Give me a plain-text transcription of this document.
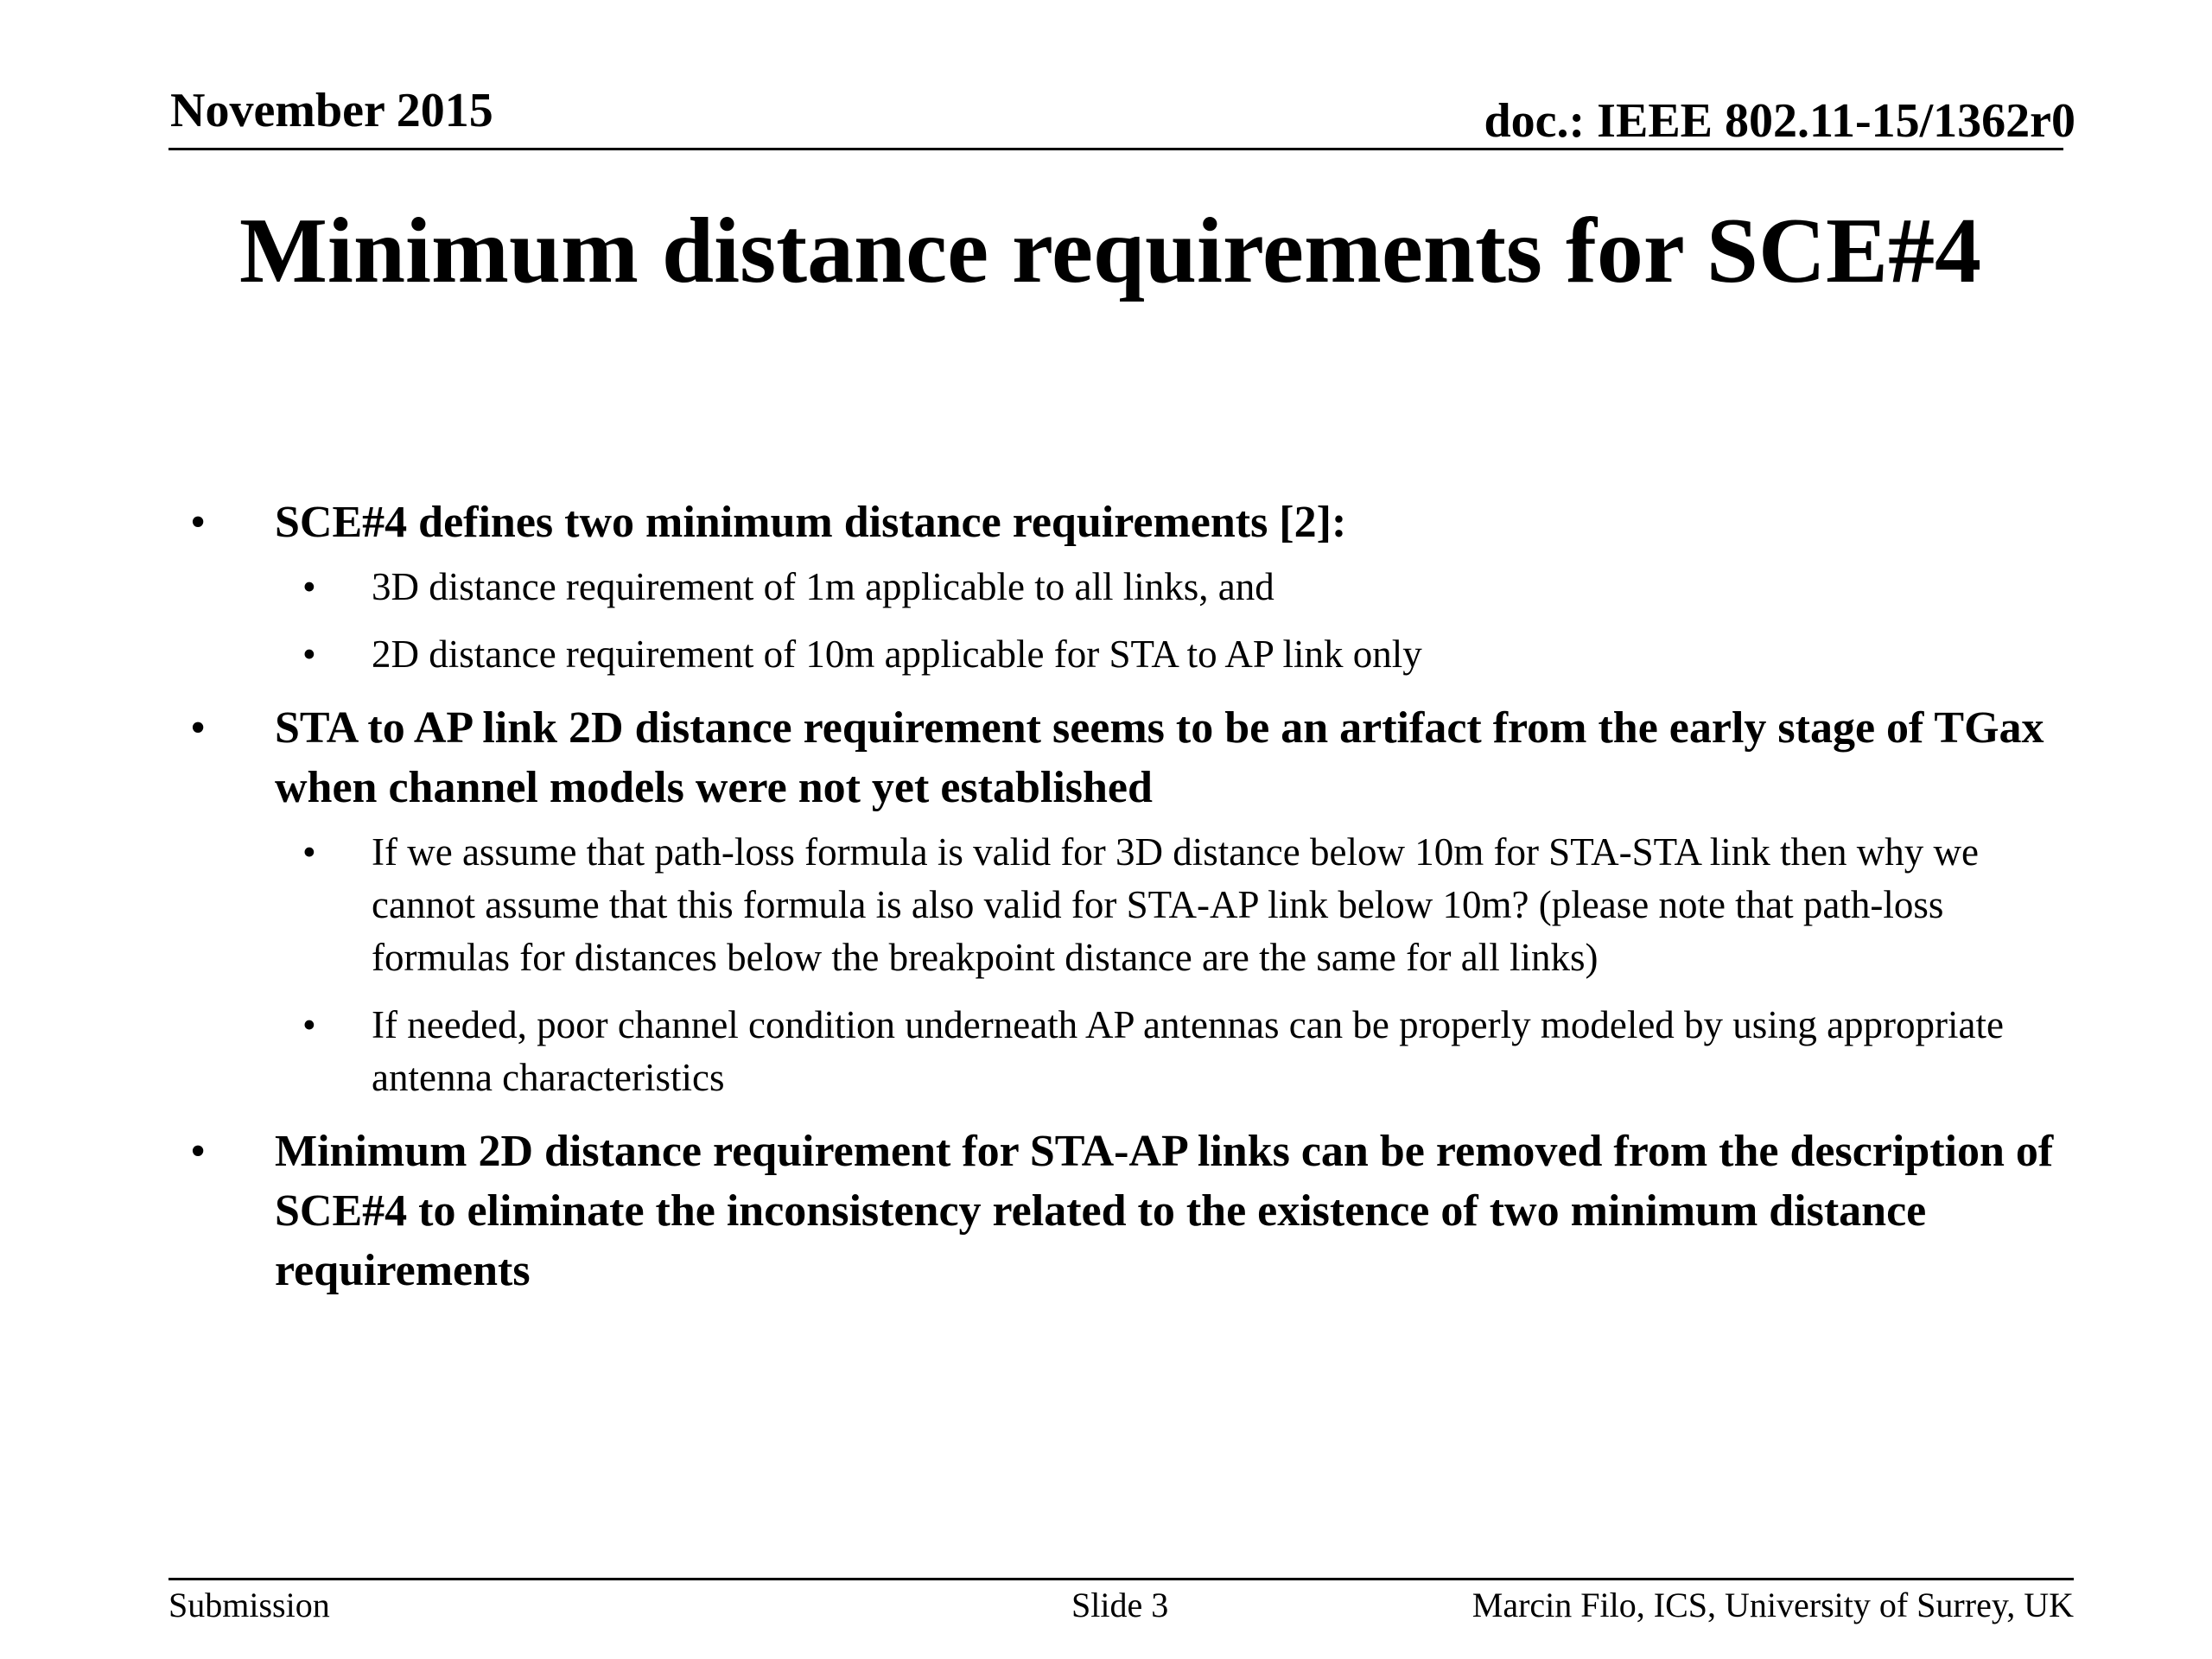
November 2015	doc.: IEEE 802.11-15/1362r0
Minimum distance requirements for SCE#4
• SCE#4 defines two minimum distance requirements [2]:
• 3D distance requirement of 1m applicable to all links, and
• 2D distance requirement of 10m applicable for STA to AP link only
• STA to AP link 2D distance requirement seems to be an artifact from the early stage of TGax when channel models were not yet established
• If we assume that path-loss formula is valid for 3D distance below 10m for STA-STA link then why we cannot assume that this formula is also valid for STA-AP link below 10m? (please note that path-loss formulas for distances below the breakpoint distance are the same for all links)
• If needed, poor channel condition underneath AP antennas can be properly modeled by using appropriate antenna characteristics
• Minimum 2D distance requirement for STA-AP links can be removed from the description of SCE#4 to eliminate the inconsistency related to the existence of two minimum distance requirements
Submission	Slide 3	Marcin Filo, ICS, University of Surrey, UK
